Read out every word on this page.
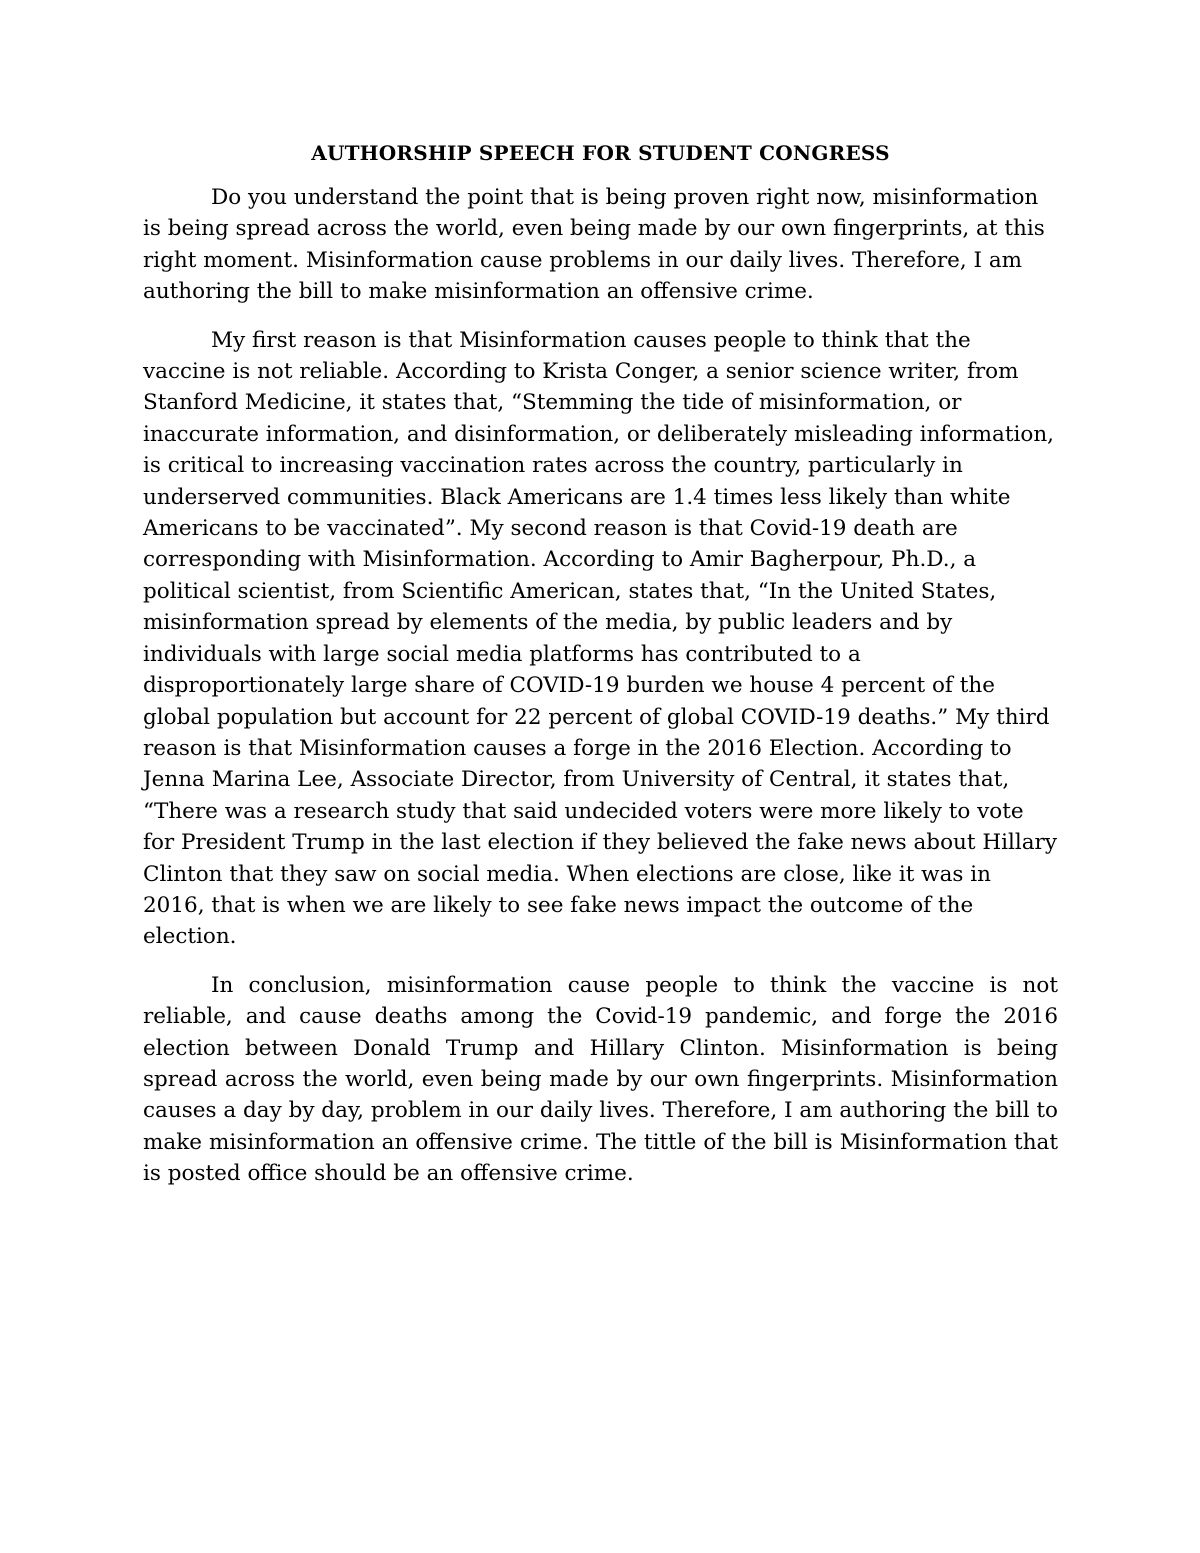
AUTHORSHIP SPEECH FOR STUDENT CONGRESS

Do you understand the point that is being proven right now, misinformation is being spread across the world, even being made by our own fingerprints, at this right moment. Misinformation cause problems in our daily lives. Therefore, I am authoring the bill to make misinformation an offensive crime.

My first reason is that Misinformation causes people to think that the vaccine is not reliable. According to Krista Conger, a senior science writer, from Stanford Medicine, it states that, “Stemming the tide of misinformation, or inaccurate information, and disinformation, or deliberately misleading information, is critical to increasing vaccination rates across the country, particularly in underserved communities. Black Americans are 1.4 times less likely than white Americans to be vaccinated”. My second reason is that Covid-19 death are corresponding with Misinformation. According to Amir Bagherpour, Ph.D., a political scientist, from Scientific American, states that, “In the United States, misinformation spread by elements of the media, by public leaders and by individuals with large social media platforms has contributed to a disproportionately large share of COVID-19 burden we house 4 percent of the global population but account for 22 percent of global COVID-19 deaths.” My third reason is that Misinformation causes a forge in the 2016 Election. According to Jenna Marina Lee, Associate Director, from University of Central, it states that, “There was a research study that said undecided voters were more likely to vote for President Trump in the last election if they believed the fake news about Hillary Clinton that they saw on social media. When elections are close, like it was in 2016, that is when we are likely to see fake news impact the outcome of the election.

In conclusion, misinformation cause people to think the vaccine is not reliable, and cause deaths among the Covid-19 pandemic, and forge the 2016 election between Donald Trump and Hillary Clinton. Misinformation is being spread across the world, even being made by our own fingerprints. Misinformation causes a day by day, problem in our daily lives. Therefore, I am authoring the bill to make misinformation an offensive crime. The tittle of the bill is Misinformation that is posted office should be an offensive crime.
